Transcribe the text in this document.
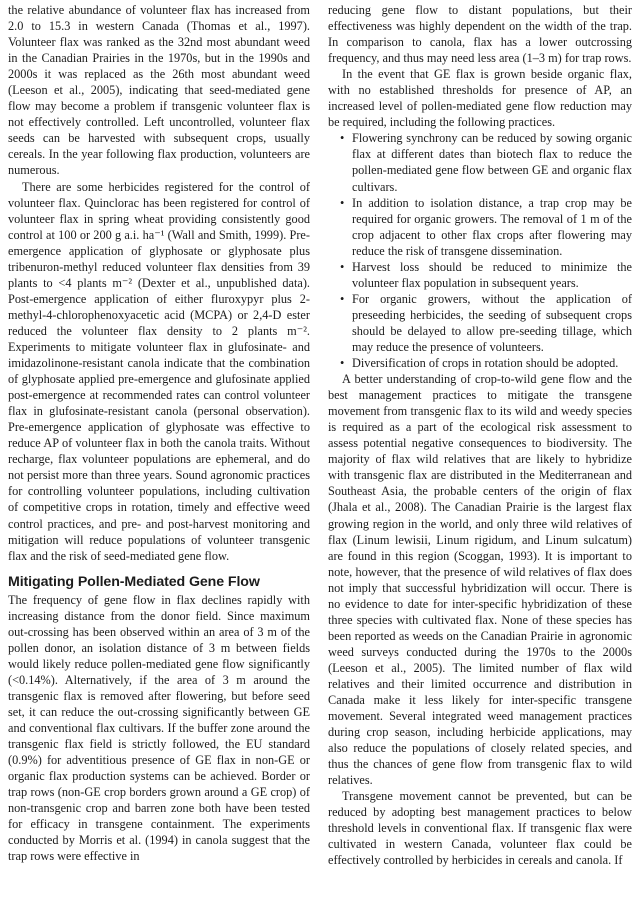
the relative abundance of volunteer flax has increased from 2.0 to 15.3 in western Canada (Thomas et al., 1997). Volunteer flax was ranked as the 32nd most abundant weed in the Canadian Prairies in the 1970s, but in the 1990s and 2000s it was replaced as the 26th most abundant weed (Leeson et al., 2005), indicating that seed-mediated gene flow may become a problem if transgenic volunteer flax is not effectively controlled. Left uncontrolled, volunteer flax seeds can be harvested with subsequent crops, usually cereals. In the year following flax production, volunteers are numerous.

There are some herbicides registered for the control of volunteer flax. Quinclorac has been registered for control of volunteer flax in spring wheat providing consistently good control at 100 or 200 g a.i. ha⁻¹ (Wall and Smith, 1999). Pre-emergence application of glyphosate or glyphosate plus tribenuron-methyl reduced volunteer flax densities from 39 plants to <4 plants m⁻² (Dexter et al., unpublished data). Post-emergence application of either fluroxypyr plus 2-methyl-4-chlorophenoxyacetic acid (MCPA) or 2,4-D ester reduced the volunteer flax density to 2 plants m⁻². Experiments to mitigate volunteer flax in glufosinate- and imidazolinone-resistant canola indicate that the combination of glyphosate applied pre-emergence and glufosinate applied post-emergence at recommended rates can control volunteer flax in glufosinate-resistant canola (personal observation). Pre-emergence application of glyphosate was effective to reduce AP of volunteer flax in both the canola traits. Without recharge, flax volunteer populations are ephemeral, and do not persist more than three years. Sound agronomic practices for controlling volunteer populations, including cultivation of competitive crops in rotation, timely and effective weed control practices, and pre- and post-harvest monitoring and mitigation will reduce populations of volunteer transgenic flax and the risk of seed-mediated gene flow.

Mitigating Pollen-Mediated Gene Flow

The frequency of gene flow in flax declines rapidly with increasing distance from the donor field. Since maximum out-crossing has been observed within an area of 3 m of the pollen donor, an isolation distance of 3 m between fields would likely reduce pollen-mediated gene flow significantly (<0.14%). Alternatively, if the area of 3 m around the transgenic flax is removed after flowering, but before seed set, it can reduce the out-crossing significantly between GE and conventional flax cultivars. If the buffer zone around the transgenic flax field is strictly followed, the EU standard (0.9%) for adventitious presence of GE flax in non-GE or organic flax production systems can be achieved. Border or trap rows (non-GE crop borders grown around a GE crop) of non-transgenic crop and barren zone both have been tested for efficacy in transgene containment. The experiments conducted by Morris et al. (1994) in canola suggest that the trap rows were effective in

reducing gene flow to distant populations, but their effectiveness was highly dependent on the width of the trap. In comparison to canola, flax has a lower outcrossing frequency, and thus may need less area (1–3 m) for trap rows.

In the event that GE flax is grown beside organic flax, with no established thresholds for presence of AP, an increased level of pollen-mediated gene flow reduction may be required, including the following practices.

• Flowering synchrony can be reduced by sowing organic flax at different dates than biotech flax to reduce the pollen-mediated gene flow between GE and organic flax cultivars.
• In addition to isolation distance, a trap crop may be required for organic growers. The removal of 1 m of the crop adjacent to other flax crops after flowering may reduce the risk of transgene dissemination.
• Harvest loss should be reduced to minimize the volunteer flax population in subsequent years.
• For organic growers, without the application of preseeding herbicides, the seeding of subsequent crops should be delayed to allow pre-seeding tillage, which may reduce the presence of volunteers.
• Diversification of crops in rotation should be adopted.

A better understanding of crop-to-wild gene flow and the best management practices to mitigate the transgene movement from transgenic flax to its wild and weedy species is required as a part of the ecological risk assessment to assess potential negative consequences to biodiversity. The majority of flax wild relatives that are likely to hybridize with transgenic flax are distributed in the Mediterranean and Southeast Asia, the probable centers of the origin of flax (Jhala et al., 2008). The Canadian Prairie is the largest flax growing region in the world, and only three wild relatives of flax (Linum lewisii, Linum rigidum, and Linum sulcatum) are found in this region (Scoggan, 1993). It is important to note, however, that the presence of wild relatives of flax does not imply that successful hybridization will occur. There is no evidence to date for inter-specific hybridization of these three species with cultivated flax. None of these species has been reported as weeds on the Canadian Prairie in agronomic weed surveys conducted during the 1970s to the 2000s (Leeson et al., 2005). The limited number of flax wild relatives and their limited occurrence and distribution in Canada make it less likely for inter-specific transgene movement. Several integrated weed management practices during crop season, including herbicide applications, may also reduce the populations of closely related species, and thus the chances of gene flow from transgenic flax to wild relatives.

Transgene movement cannot be prevented, but can be reduced by adopting best management practices to below threshold levels in conventional flax. If transgenic flax were cultivated in western Canada, volunteer flax could be effectively controlled by herbicides in cereals and canola. If
